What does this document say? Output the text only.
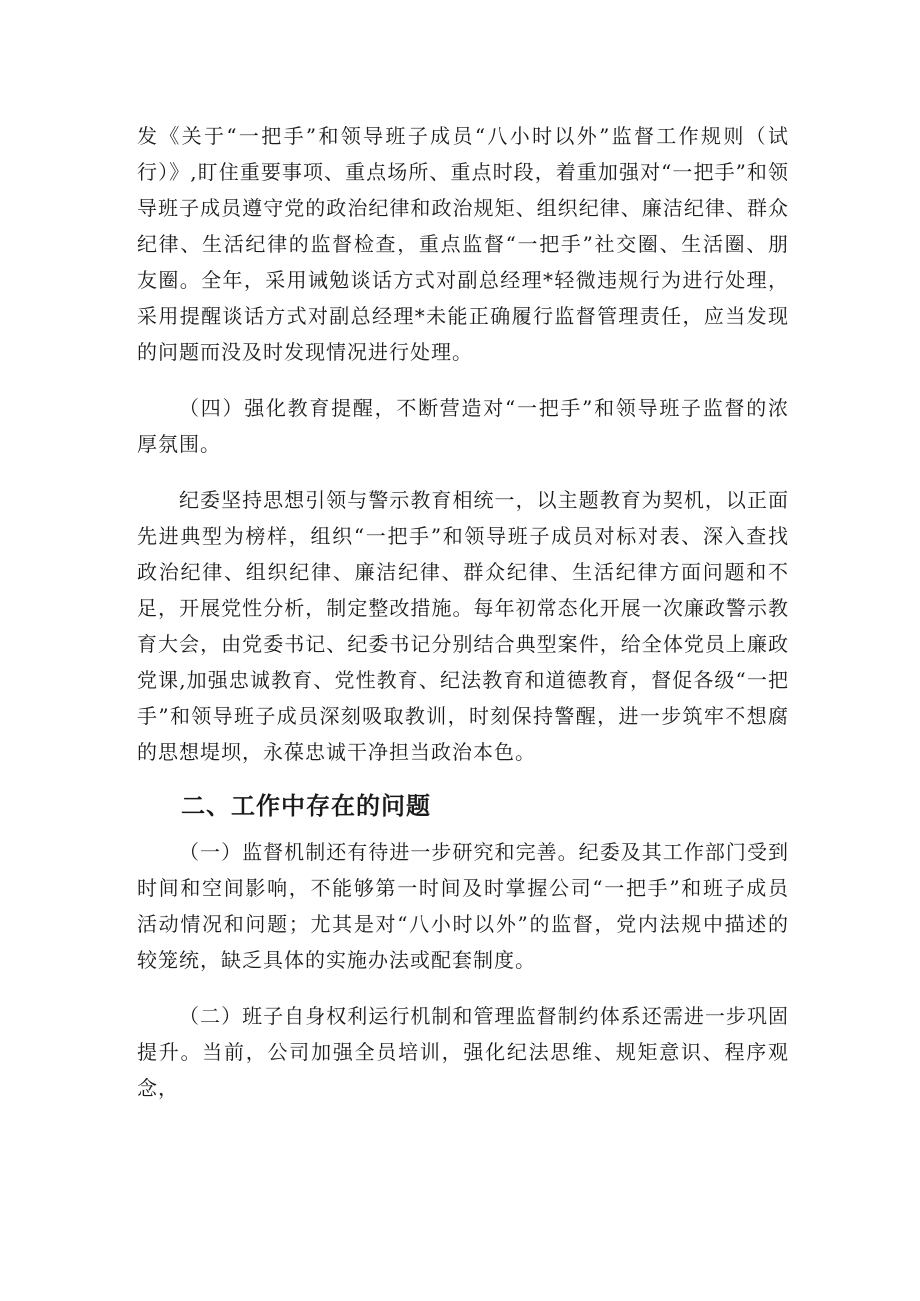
发《关于“一把手”和领导班子成员“八小时以外”监督工作规则（试行）》,盯住重要事项、重点场所、重点时段，着重加强对“一把手”和领导班子成员遵守党的政治纪律和政治规矩、组织纪律、廉洁纪律、群众纪律、生活纪律的监督检查，重点监督“一把手”社交圈、生活圈、朋友圈。全年，采用诫勉谈话方式对副总经理*轻微违规行为进行处理，采用提醒谈话方式对副总经理*未能正确履行监督管理责任，应当发现的问题而没及时发现情况进行处理。

（四）强化教育提醒，不断营造对“一把手”和领导班子监督的浓厚氛围。

纪委坚持思想引领与警示教育相统一，以主题教育为契机，以正面先进典型为榜样，组织“一把手”和领导班子成员对标对表、深入查找政治纪律、组织纪律、廉洁纪律、群众纪律、生活纪律方面问题和不足，开展党性分析，制定整改措施。每年初常态化开展一次廉政警示教育大会，由党委书记、纪委书记分别结合典型案件，给全体党员上廉政党课,加强忠诚教育、党性教育、纪法教育和道德教育，督促各级“一把手”和领导班子成员深刻吸取教训，时刻保持警醒，进一步筑牢不想腐的思想堤坝，永葆忠诚干净担当政治本色。

二、工作中存在的问题

（一）监督机制还有待进一步研究和完善。纪委及其工作部门受到时间和空间影响，不能够第一时间及时掌握公司“一把手”和班子成员活动情况和问题；尤其是对“八小时以外”的监督，党内法规中描述的较笼统，缺乏具体的实施办法或配套制度。

（二）班子自身权利运行机制和管理监督制约体系还需进一步巩固提升。当前，公司加强全员培训，强化纪法思维、规矩意识、程序观念，
